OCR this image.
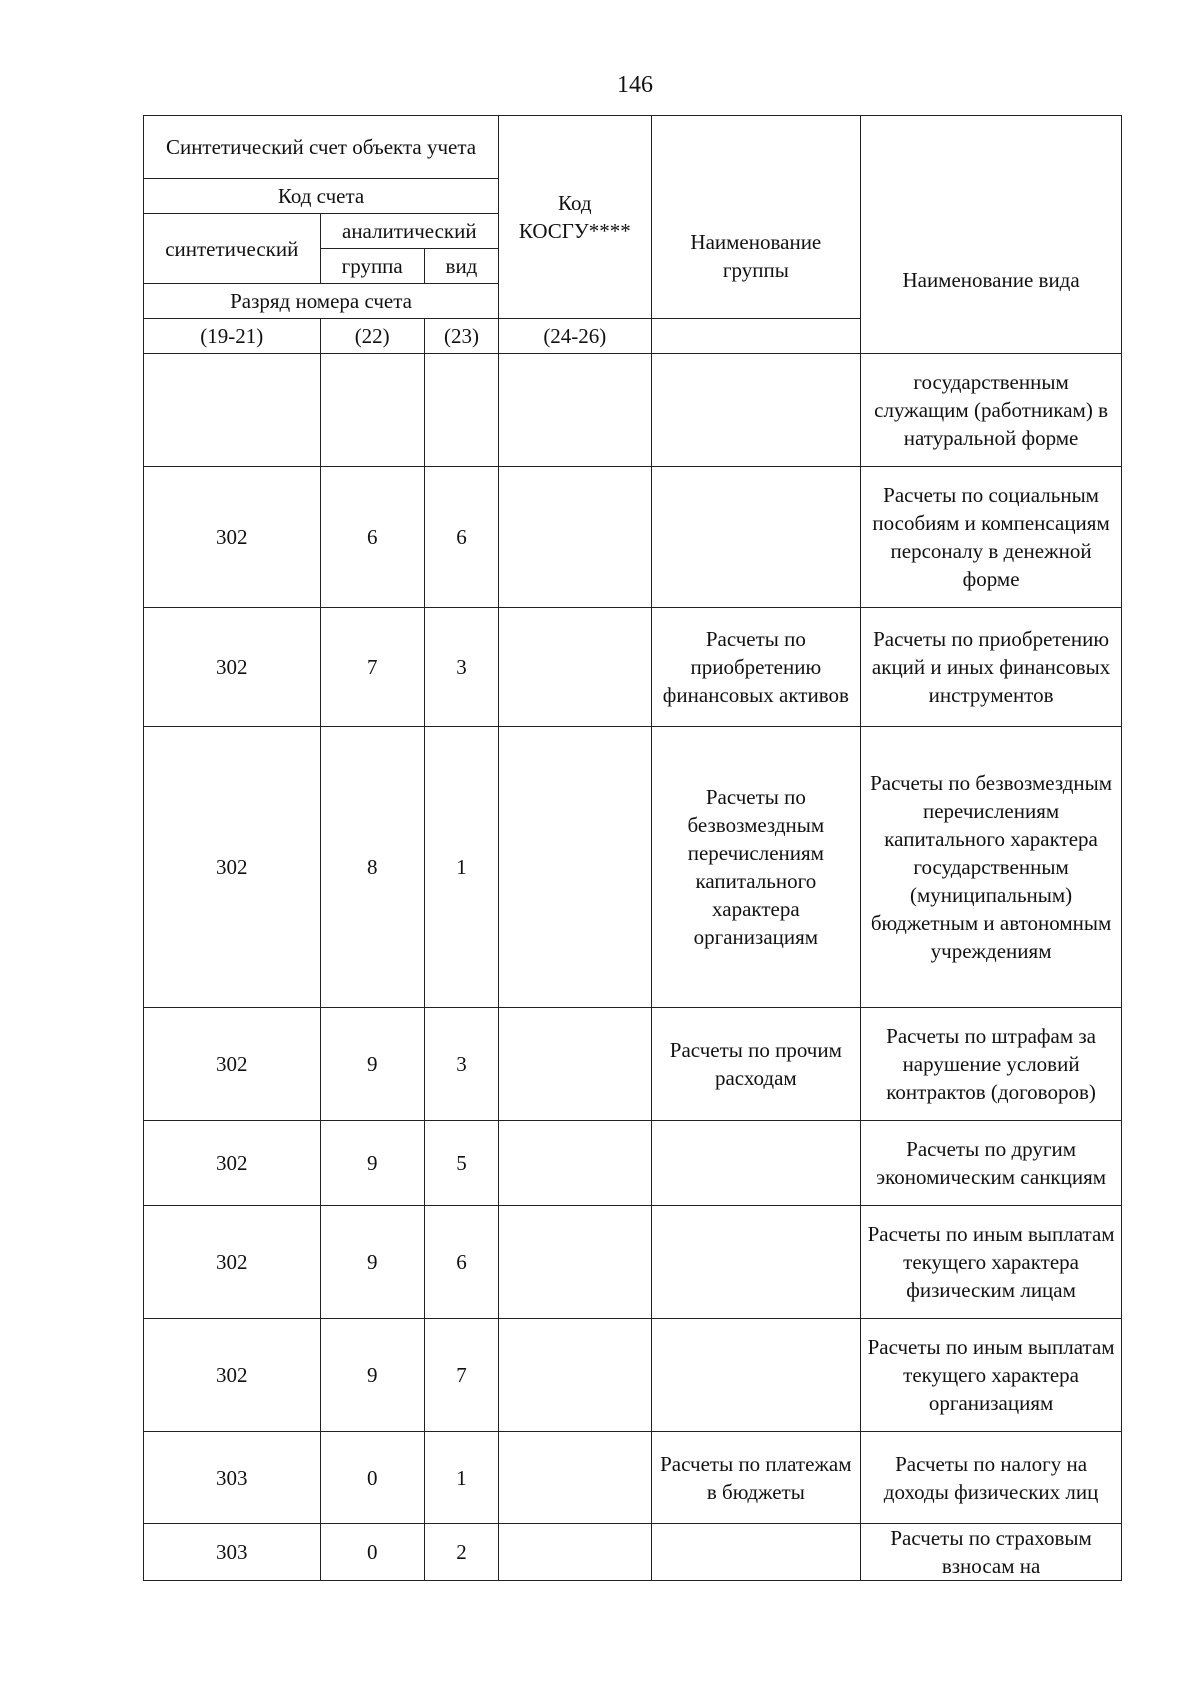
146
Синтетический счет объекта учета			Код КОСГУ****	Наименование группы	Наименование вида
Код счета					
синтетический	аналитический				
	группа	вид			
Разряд номера счета					
(19-21)	(22)	(23)	(24-26)		
					государственным служащим (работникам) в натуральной форме
302	6	6			Расчеты по социальным пособиям и компенсациям персоналу в денежной форме
302	7	3		Расчеты по приобретению финансовых активов	Расчеты по приобретению акций и иных финансовых инструментов
302	8	1		Расчеты по безвозмездным перечислениям капитального характера организациям	Расчеты по безвозмездным перечислениям капитального характера государственным (муниципальным) бюджетным и автономным учреждениям
302	9	3		Расчеты по прочим расходам	Расчеты по штрафам за нарушение условий контрактов (договоров)
302	9	5			Расчеты по другим экономическим санкциям
302	9	6			Расчеты по иным выплатам текущего характера физическим лицам
302	9	7			Расчеты по иным выплатам текущего характера организациям
303	0	1		Расчеты по платежам в бюджеты	Расчеты по налогу на доходы физических лиц
303	0	2			Расчеты по страховым взносам на
